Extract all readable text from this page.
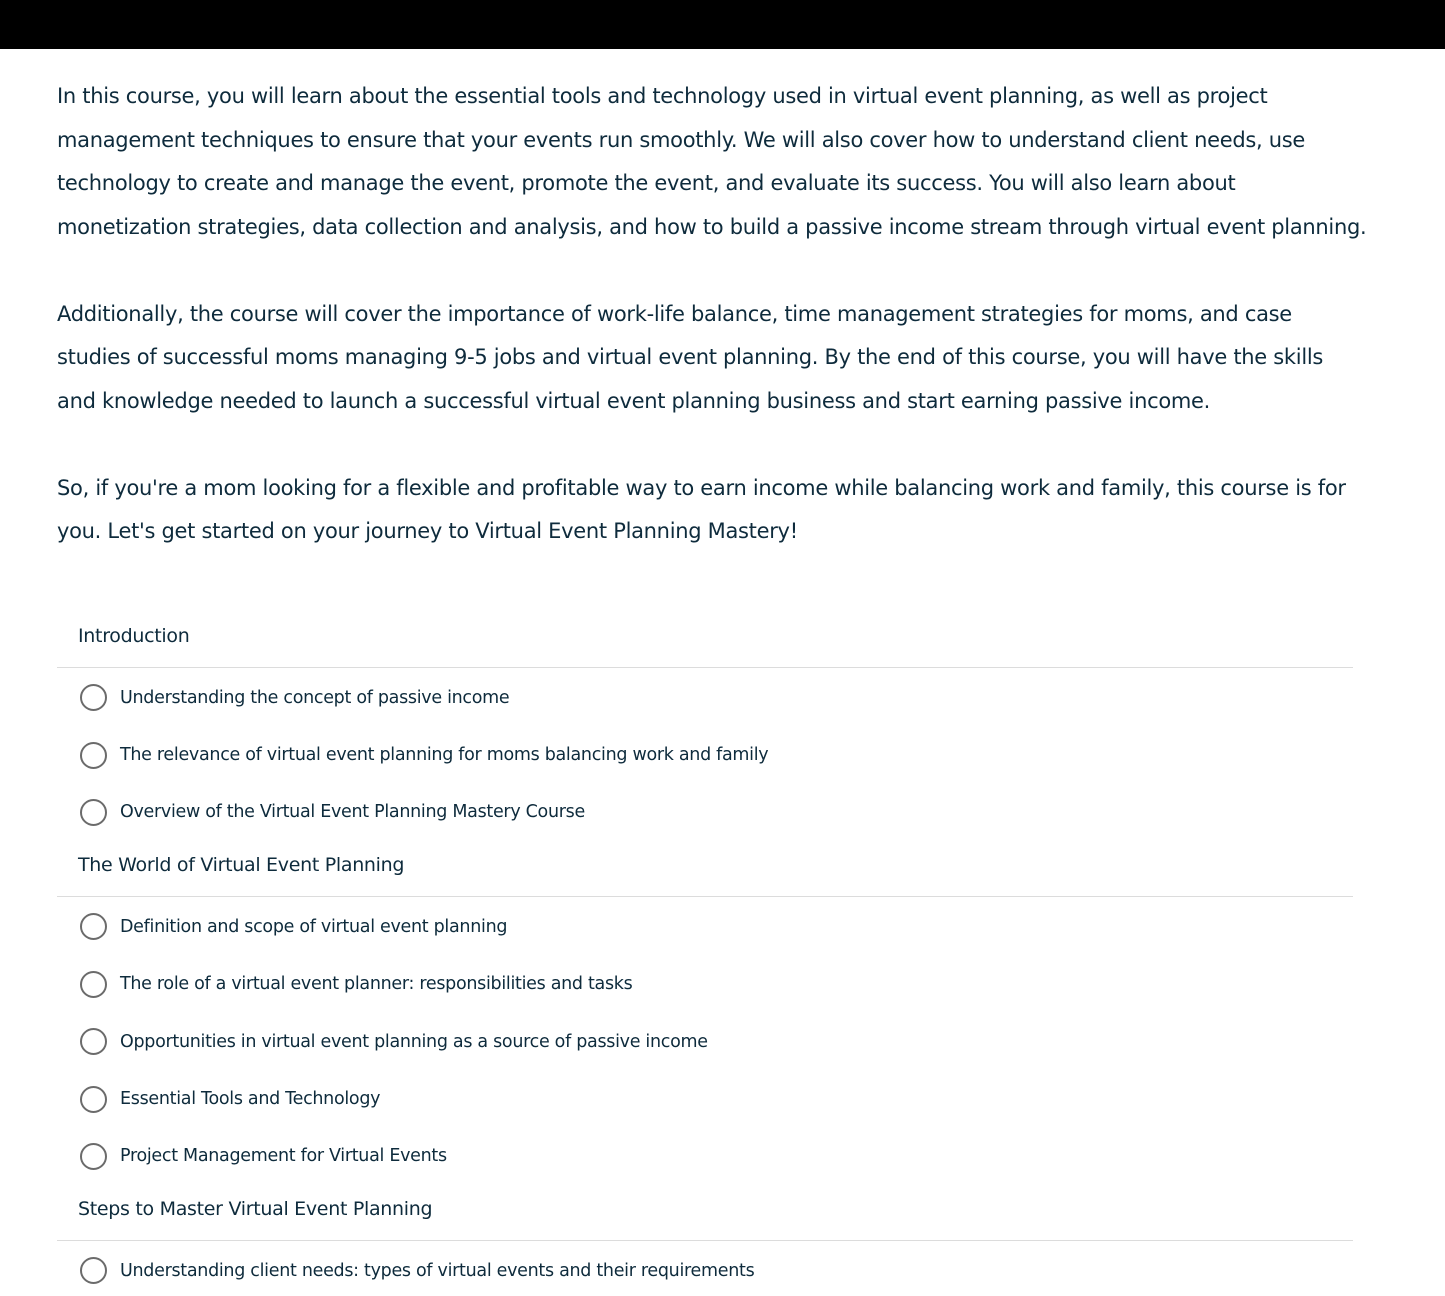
In this course, you will learn about the essential tools and technology used in virtual event planning, as well as project management techniques to ensure that your events run smoothly. We will also cover how to understand client needs, use technology to create and manage the event, promote the event, and evaluate its success. You will also learn about monetization strategies, data collection and analysis, and how to build a passive income stream through virtual event planning.

Additionally, the course will cover the importance of work-life balance, time management strategies for moms, and case studies of successful moms managing 9-5 jobs and virtual event planning. By the end of this course, you will have the skills and knowledge needed to launch a successful virtual event planning business and start earning passive income.

So, if you're a mom looking for a flexible and profitable way to earn income while balancing work and family, this course is for you. Let's get started on your journey to Virtual Event Planning Mastery!

Introduction
Understanding the concept of passive income
The relevance of virtual event planning for moms balancing work and family
Overview of the Virtual Event Planning Mastery Course
The World of Virtual Event Planning
Definition and scope of virtual event planning
The role of a virtual event planner: responsibilities and tasks
Opportunities in virtual event planning as a source of passive income
Essential Tools and Technology
Project Management for Virtual Events
Steps to Master Virtual Event Planning
Understanding client needs: types of virtual events and their requirements
